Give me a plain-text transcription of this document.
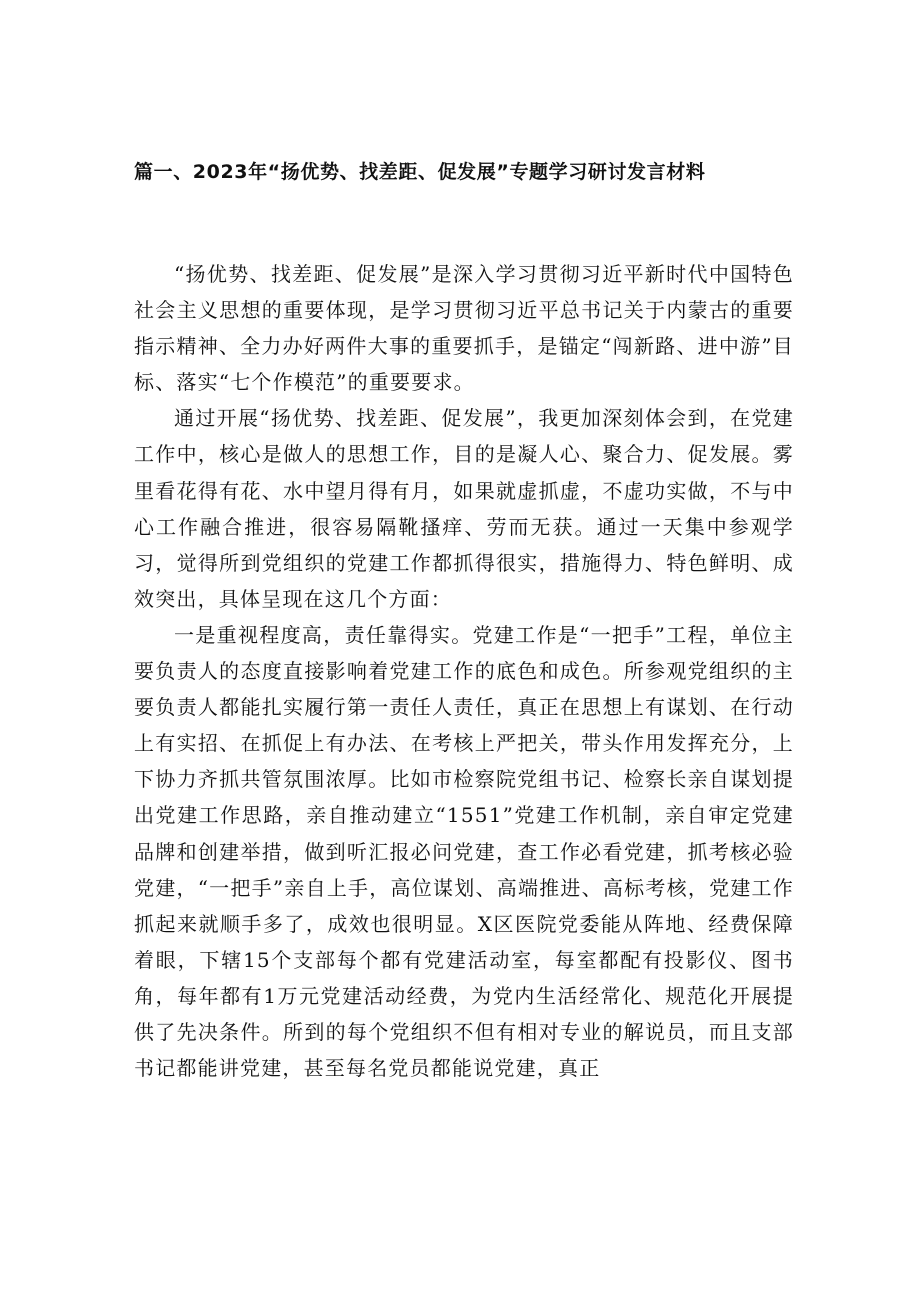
篇一、2023年“扬优势、找差距、促发展”专题学习研讨发言材料

“扬优势、找差距、促发展”是深入学习贯彻习近平新时代中国特色社会主义思想的重要体现，是学习贯彻习近平总书记关于内蒙古的重要指示精神、全力办好两件大事的重要抓手，是锚定“闯新路、进中游”目标、落实“七个作模范”的重要要求。

通过开展“扬优势、找差距、促发展”，我更加深刻体会到，在党建工作中，核心是做人的思想工作，目的是凝人心、聚合力、促发展。雾里看花得有花、水中望月得有月，如果就虚抓虚，不虚功实做，不与中心工作融合推进，很容易隔靴搔痒、劳而无获。通过一天集中参观学习，觉得所到党组织的党建工作都抓得很实，措施得力、特色鲜明、成效突出，具体呈现在这几个方面：

一是重视程度高，责任靠得实。党建工作是“一把手”工程，单位主要负责人的态度直接影响着党建工作的底色和成色。所参观党组织的主要负责人都能扎实履行第一责任人责任，真正在思想上有谋划、在行动上有实招、在抓促上有办法、在考核上严把关，带头作用发挥充分，上下协力齐抓共管氛围浓厚。比如市检察院党组书记、检察长亲自谋划提出党建工作思路，亲自推动建立“1551”党建工作机制，亲自审定党建品牌和创建举措，做到听汇报必问党建，查工作必看党建，抓考核必验党建，“一把手”亲自上手，高位谋划、高端推进、高标考核，党建工作抓起来就顺手多了，成效也很明显。X区医院党委能从阵地、经费保障着眼，下辖15个支部每个都有党建活动室，每室都配有投影仪、图书角，每年都有1万元党建活动经费，为党内生活经常化、规范化开展提供了先决条件。所到的每个党组织不但有相对专业的解说员，而且支部书记都能讲党建，甚至每名党员都能说党建，真正
